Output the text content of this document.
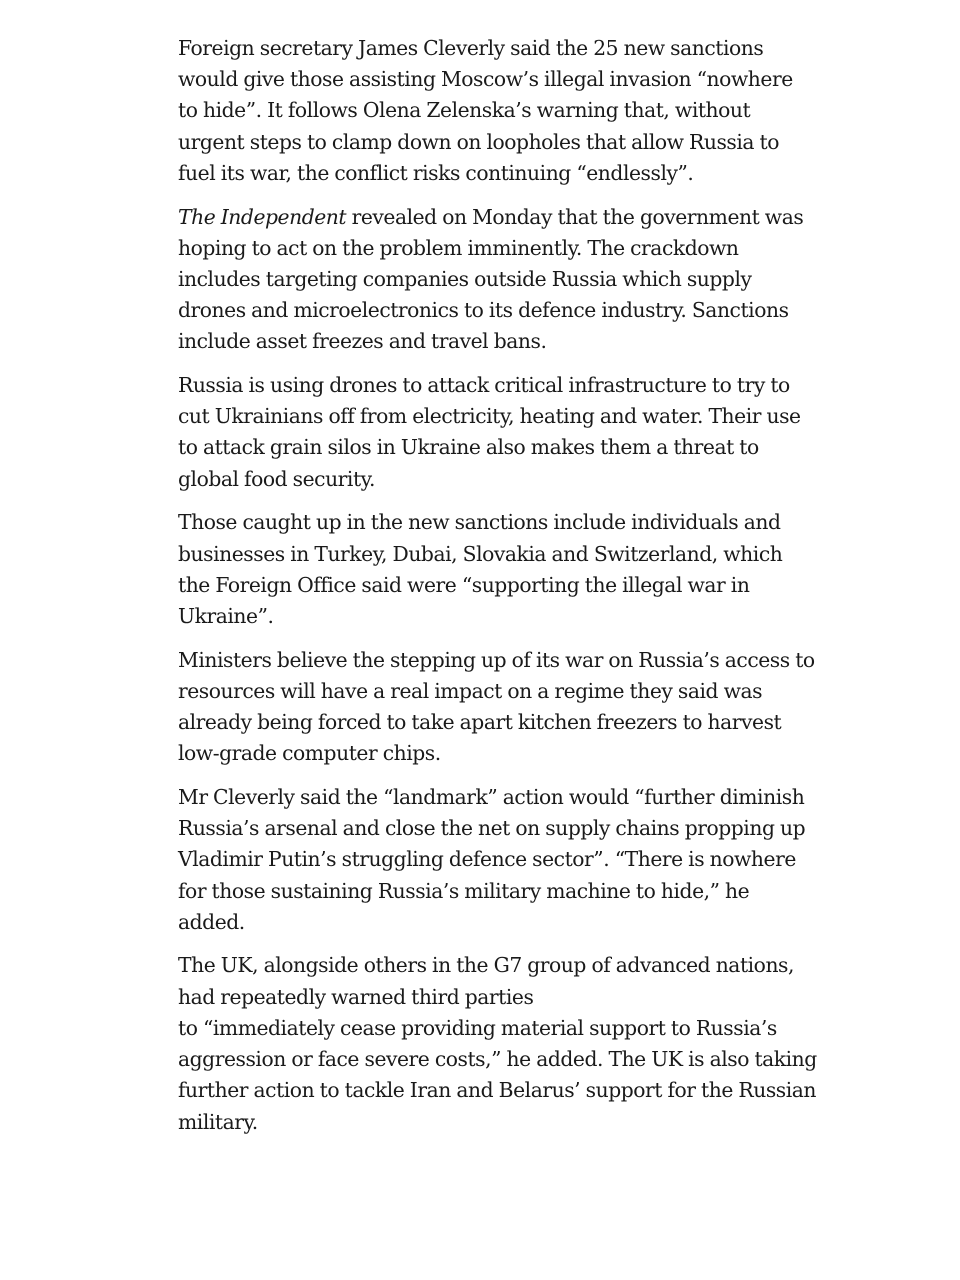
Foreign secretary James Cleverly said the 25 new sanctions
would give those assisting Moscow’s illegal invasion “nowhere
to hide”. It follows Olena Zelenska’s warning that, without
urgent steps to clamp down on loopholes that allow Russia to
fuel its war, the conflict risks continuing “endlessly”.

The Independent revealed on Monday that the government was
hoping to act on the problem imminently. The crackdown
includes targeting companies outside Russia which supply
drones and microelectronics to its defence industry. Sanctions
include asset freezes and travel bans.

Russia is using drones to attack critical infrastructure to try to
cut Ukrainians off from electricity, heating and water. Their use
to attack grain silos in Ukraine also makes them a threat to
global food security.

Those caught up in the new sanctions include individuals and
businesses in Turkey, Dubai, Slovakia and Switzerland, which
the Foreign Office said were “supporting the illegal war in
Ukraine”.

Ministers believe the stepping up of its war on Russia’s access to
resources will have a real impact on a regime they said was
already being forced to take apart kitchen freezers to harvest
low-grade computer chips.

Mr Cleverly said the “landmark” action would “further diminish
Russia’s arsenal and close the net on supply chains propping up
Vladimir Putin’s struggling defence sector”. “There is nowhere
for those sustaining Russia’s military machine to hide,” he
added.

The UK, alongside others in the G7 group of advanced nations,
had repeatedly warned third parties
to “immediately cease providing material support to Russia’s
aggression or face severe costs,” he added. The UK is also taking
further action to tackle Iran and Belarus’ support for the Russian
military.
